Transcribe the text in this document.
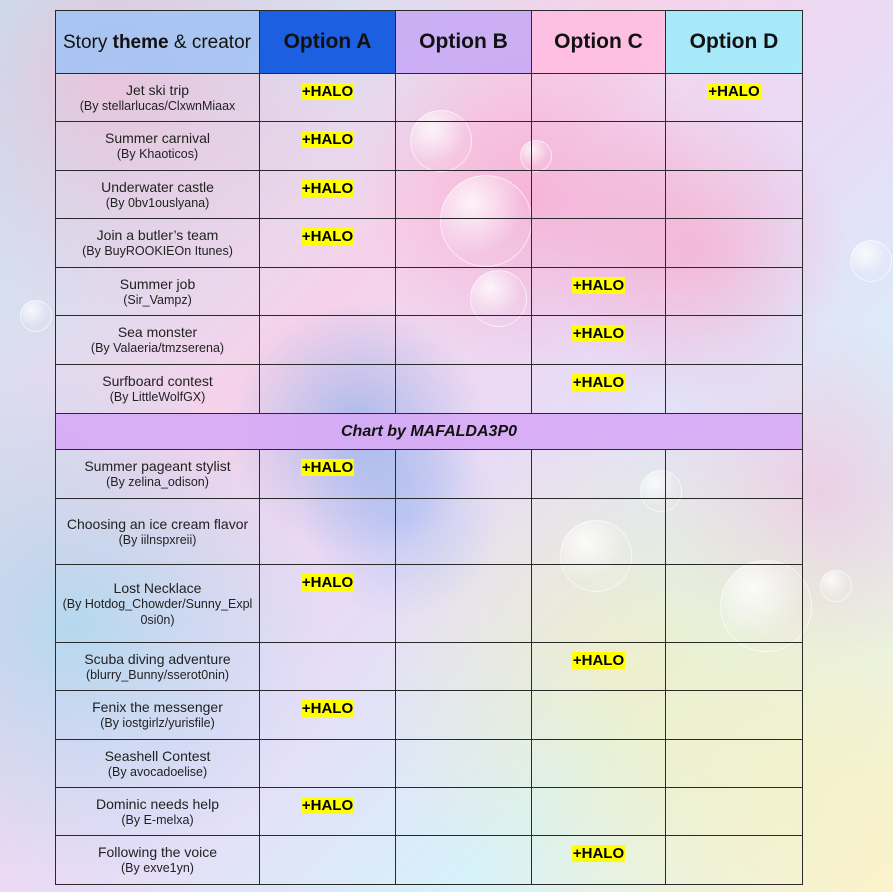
Story theme & creator	Option A	Option B	Option C	Option D

Jet ski trip
(By stellarlucas/ClxwnMiaax	+HALO			+HALO

Summer carnival
(By Khaoticos)	+HALO			

Underwater castle
(By 0bv1ouslyana)	+HALO			

Join a butler’s team
(By BuyROOKIEOn Itunes)	+HALO			

Summer job
(Sir_Vampz)			+HALO	

Sea monster
(By Valaeria/tmzserena)			+HALO	

Surfboard contest
(By LittleWolfGX)			+HALO	
Chart by MAFALDA3P0				

Summer pageant stylist
(By zelina_odison)	+HALO			

Choosing an ice cream flavor
(By iilnspxreii)				

Lost Necklace
(By Hotdog_Chowder/Sunny_Expl0si0n)	+HALO			

Scuba diving adventure
(blurry_Bunny/sserot0nin)			+HALO	

Fenix the messenger
(By iostgirlz/yurisfile)	+HALO			

Seashell Contest
(By avocadoelise)				

Dominic needs help
(By E-melxa)	+HALO			

Following the voice
(By exve1yn)			+HALO	
